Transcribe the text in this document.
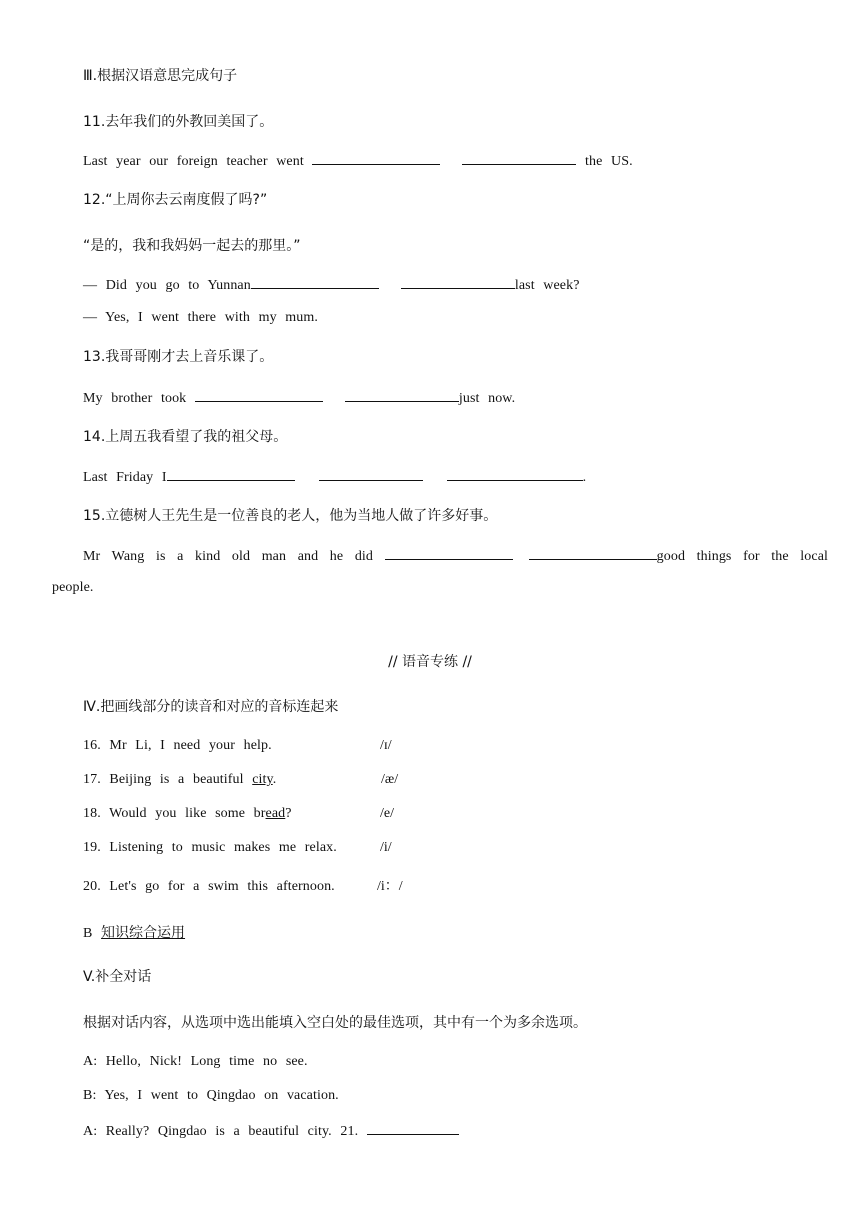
Ⅲ.根据汉语意思完成句子
11.去年我们的外教回美国了。
Last year our foreign teacher went	the US.
12.“上周你去云南度假了吗?”
“是的，我和我妈妈一起去的那里。”
— Did you go to Yunnan	last week?
— Yes, I went there with my mum.
13.我哥哥刚才去上音乐课了。
My brother took	just now.
14.上周五我看望了我的祖父母。
Last Friday I	.
15.立德树人王先生是一位善良的老人，他为当地人做了许多好事。
Mr Wang is a kind old man and he did	good things for the local
people.
// 语音专练 //
Ⅳ.把画线部分的读音和对应的音标连起来
16. Mr Li, I need your help.	/ɪ/
17. Beijing is a beautiful city.	/æ/
18. Would you like some bread?	/e/
19. Listening to music makes me relax.	/i/
20. Let's go for a swim this afternoon.	/i：/
B 知识综合运用
V.补全对话
根据对话内容，从选项中选出能填入空白处的最佳选项，其中有一个为多余选项。
A: Hello, Nick! Long time no see.
B: Yes, I went to Qingdao on vacation.
A: Really? Qingdao is a beautiful city. 21.
